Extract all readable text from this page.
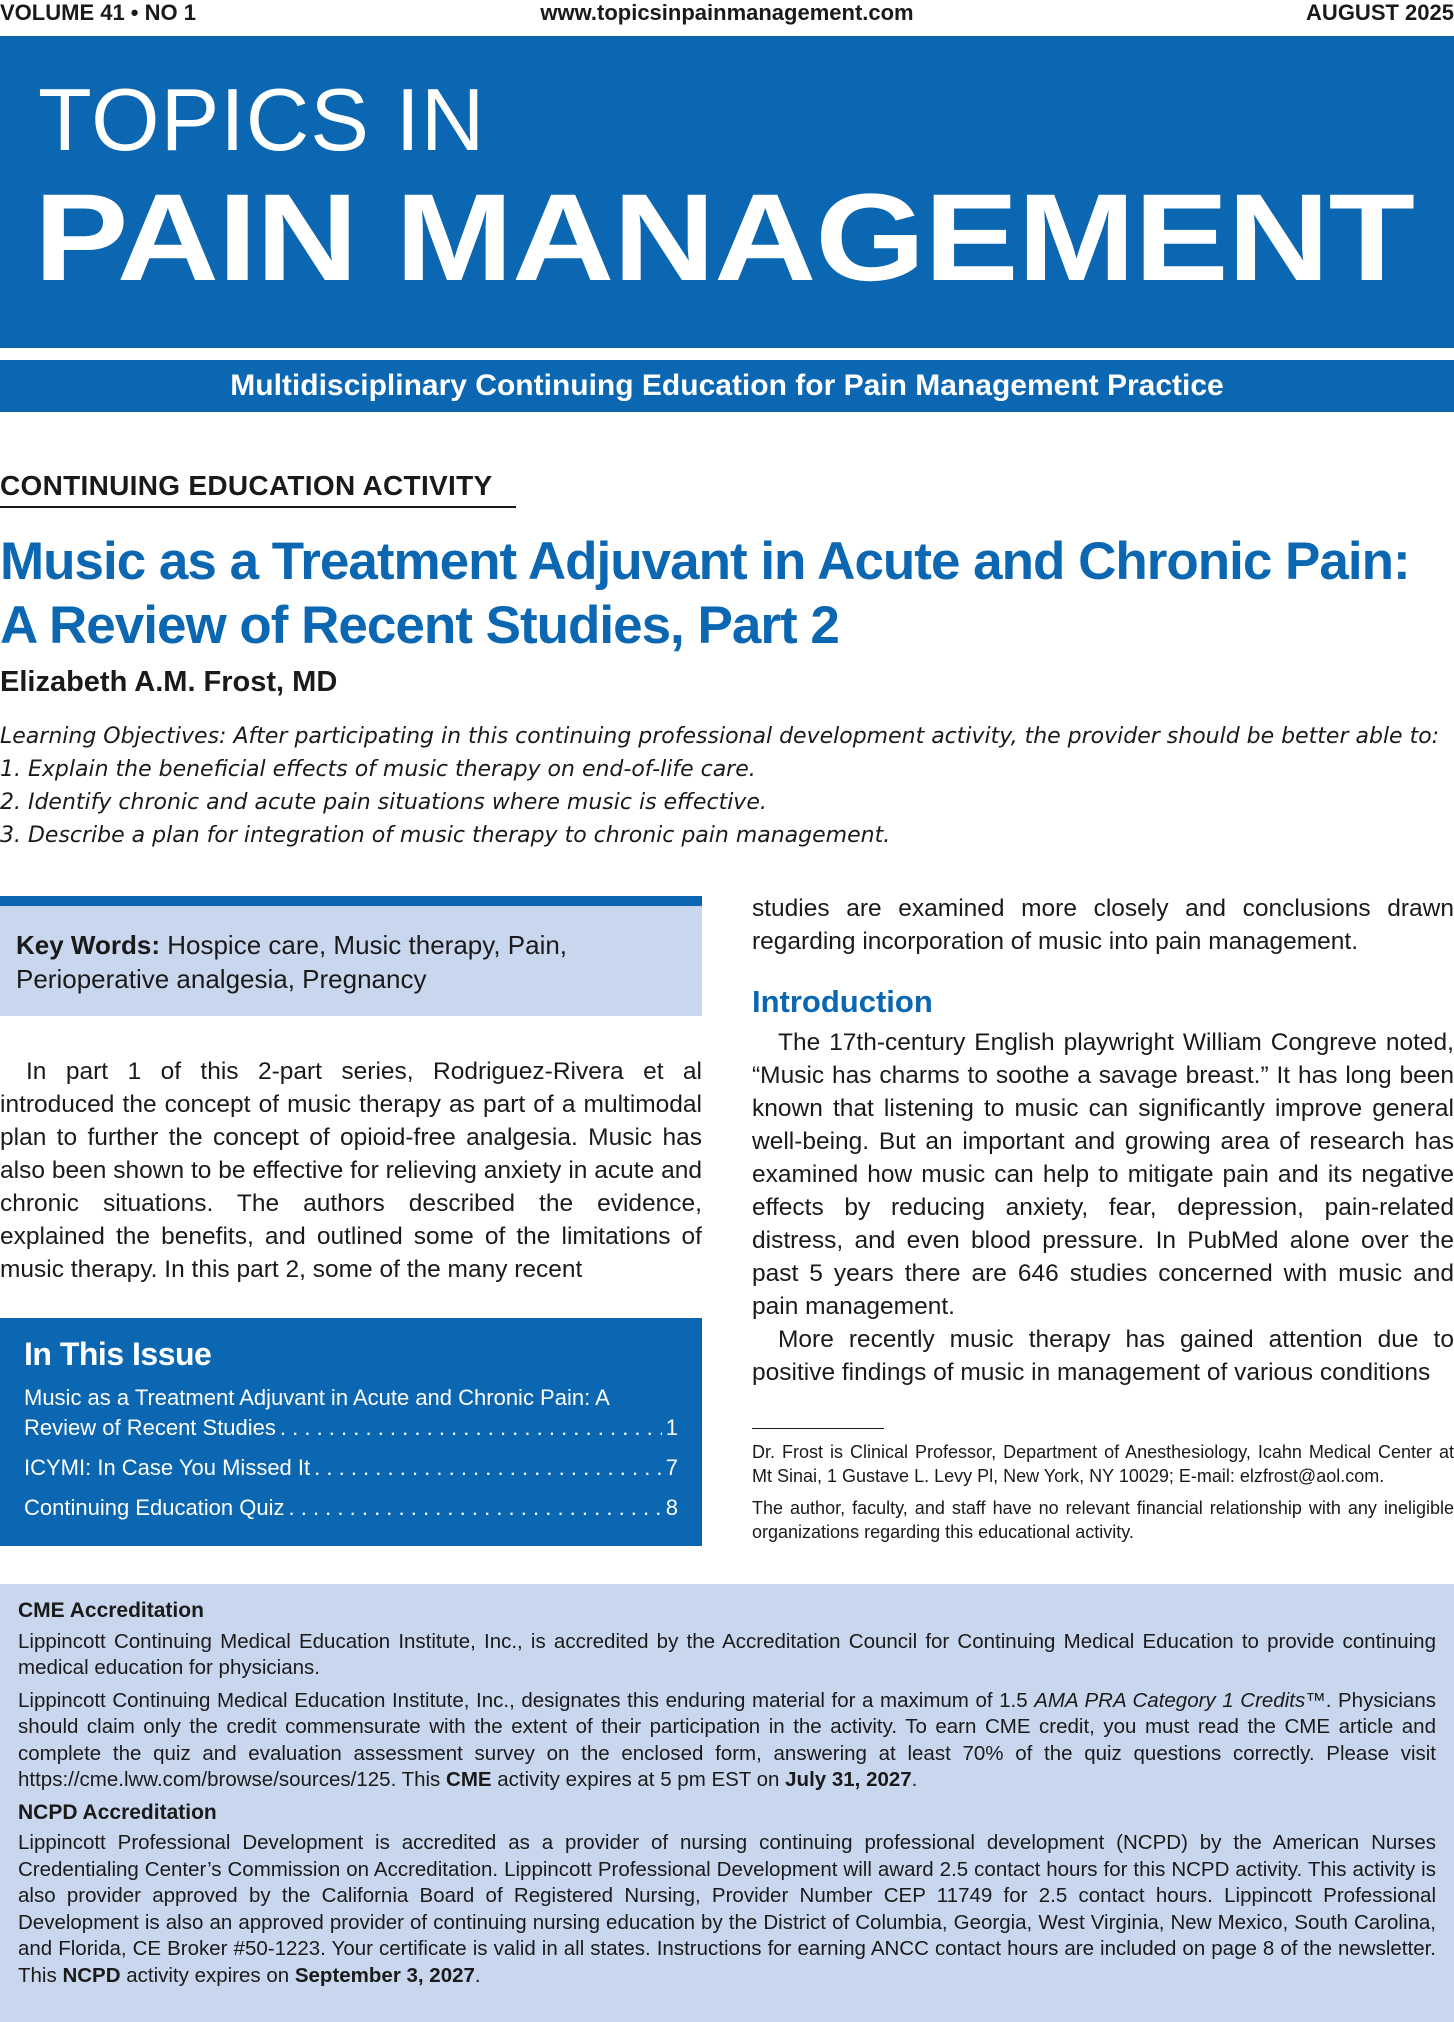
www.topicsinpainmanagement.com
VOLUME 41 • NO 1	AUGUST 2025
TOPICS IN
PAIN MANAGEMENT
Multidisciplinary Continuing Education for Pain Management Practice
CONTINUING EDUCATION ACTIVITY
Music as a Treatment Adjuvant in Acute and Chronic Pain:
A Review of Recent Studies, Part 2
Elizabeth A.M. Frost, MD
Learning Objectives: After participating in this continuing professional development activity, the provider should be better able to:
1. Explain the beneficial effects of music therapy on end-of-life care.
2. Identify chronic and acute pain situations where music is effective.
3. Describe a plan for integration of music therapy to chronic pain management.
Key Words: Hospice care, Music therapy, Pain, Perioperative analgesia, Pregnancy

In part 1 of this 2-part series, Rodriguez-Rivera et al introduced the concept of music therapy as part of a multimodal plan to further the concept of opioid-free analgesia. Music has also been shown to be effective for relieving anxiety in acute and chronic situations. The authors described the evidence, explained the benefits, and outlined some of the limitations of music therapy. In this part 2, some of the many recent

In This Issue
Music as a Treatment Adjuvant in Acute and Chronic Pain: A
Review of Recent Studies . . .	1
ICYMI: In Case You Missed It . . .	7
Continuing Education Quiz . . .	8

studies are examined more closely and conclusions drawn regarding incorporation of music into pain management.

Introduction

The 17th-century English playwright William Congreve noted, “Music has charms to soothe a savage breast.” It has long been known that listening to music can significantly improve general well-being. But an important and growing area of research has examined how music can help to mitigate pain and its negative effects by reducing anxiety, fear, depression, pain-related distress, and even blood pressure. In PubMed alone over the past 5 years there are 646 studies concerned with music and pain management.

More recently music therapy has gained attention due to positive findings of music in management of various conditions

Dr. Frost is Clinical Professor, Department of Anesthesiology, Icahn Medical Center at Mt Sinai, 1 Gustave L. Levy Pl, New York, NY 10029; E-mail: elzfrost@aol.com.

The author, faculty, and staff have no relevant financial relationship with any ineligible organizations regarding this educational activity.

CME Accreditation

Lippincott Continuing Medical Education Institute, Inc., is accredited by the Accreditation Council for Continuing Medical Education to provide continuing medical education for physicians.

Lippincott Continuing Medical Education Institute, Inc., designates this enduring material for a maximum of 1.5 AMA PRA Category 1 Credits™. Physicians should claim only the credit commensurate with the extent of their participation in the activity. To earn CME credit, you must read the CME article and complete the quiz and evaluation assessment survey on the enclosed form, answering at least 70% of the quiz questions correctly. Please visit https://cme.lww.com/browse/sources/125. This CME activity expires at 5 pm EST on July 31, 2027.

NCPD Accreditation

Lippincott Professional Development is accredited as a provider of nursing continuing professional development (NCPD) by the American Nurses Credentialing Center’s Commission on Accreditation. Lippincott Professional Development will award 2.5 contact hours for this NCPD activity. This activity is also provider approved by the California Board of Registered Nursing, Provider Number CEP 11749 for 2.5 contact hours. Lippincott Professional Development is also an approved provider of continuing nursing education by the District of Columbia, Georgia, West Virginia, New Mexico, South Carolina, and Florida, CE Broker #50-1223. Your certificate is valid in all states. Instructions for earning ANCC contact hours are included on page 8 of the newsletter. This NCPD activity expires on September 3, 2027.
